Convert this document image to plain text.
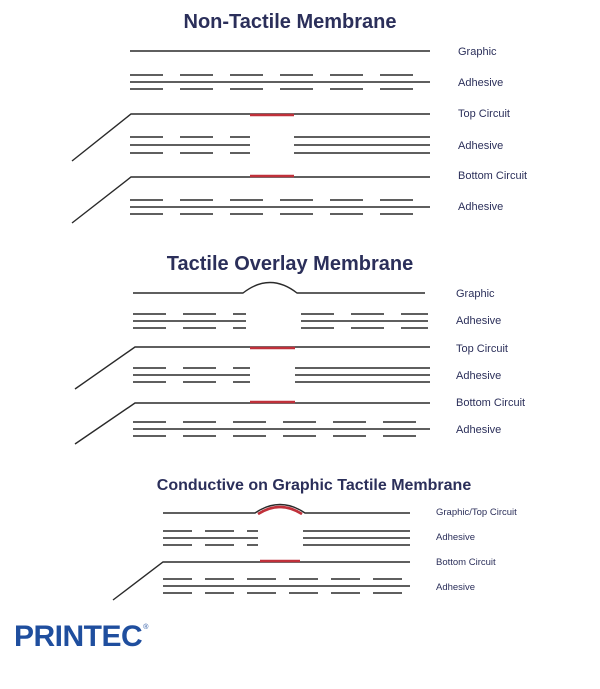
Non-Tactile Membrane
Graphic
Adhesive
Top Circuit
Adhesive
Bottom Circuit
Adhesive
Tactile Overlay Membrane
Graphic
Adhesive
Top Circuit
Adhesive
Bottom Circuit
Adhesive
Conductive on Graphic Tactile Membrane
Graphic/Top Circuit
Adhesive
Bottom Circuit
Adhesive
PRINTEC®
